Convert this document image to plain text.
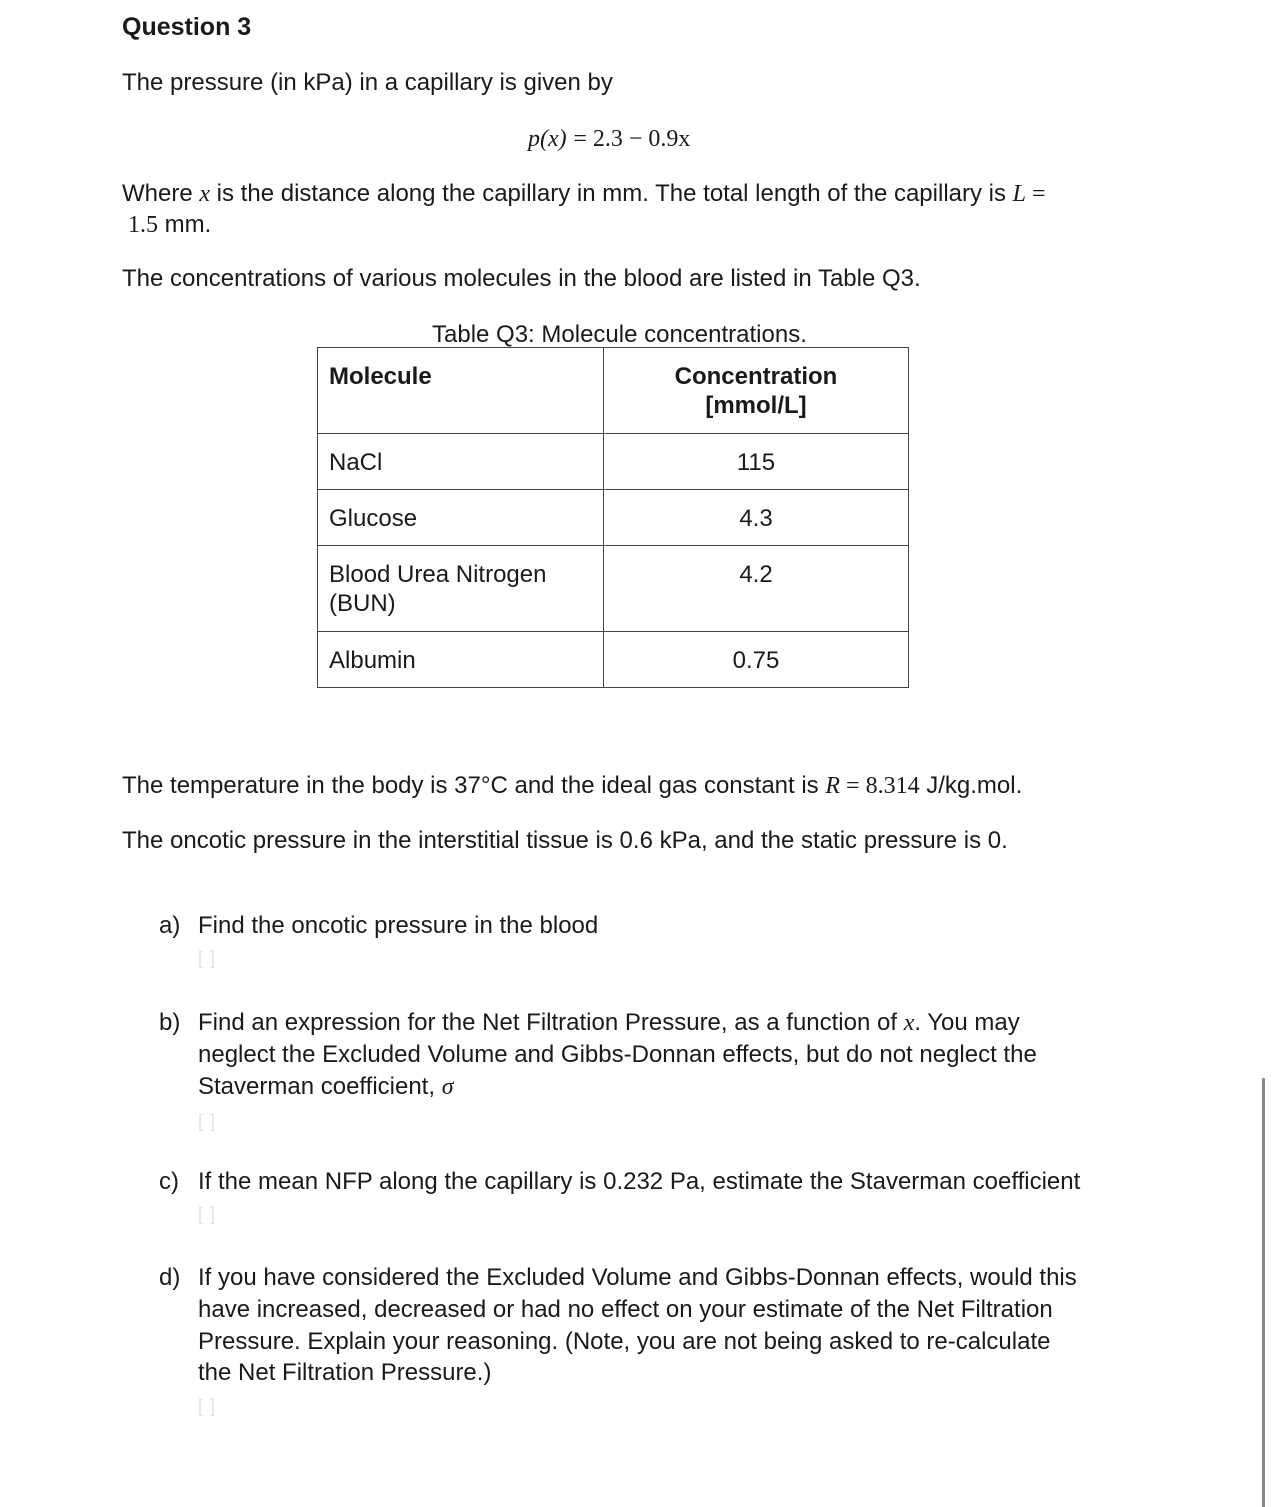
Question 3

The pressure (in kPa) in a capillary is given by

p(x) = 2.3 − 0.9x

Where x is the distance along the capillary in mm. The total length of the capillary is L =

1.5 mm.

The concentrations of various molecules in the blood are listed in Table Q3.

Table Q3: Molecule concentrations.

Molecule	Concentration
[mmol/L]
NaCl	115
Glucose	4.3
Blood Urea Nitrogen
(BUN)	4.2
Albumin	0.75

The temperature in the body is 37°C and the ideal gas constant is R = 8.314 J/kg.mol.

The oncotic pressure in the interstitial tissue is 0.6 kPa, and the static pressure is 0.

a) Find the oncotic pressure in the blood
[ ]
b) Find an expression for the Net Filtration Pressure, as a function of x. You may
neglect the Excluded Volume and Gibbs-Donnan effects, but do not neglect the
Staverman coefficient, σ
[ ]
c) If the mean NFP along the capillary is 0.232 Pa, estimate the Staverman coefficient
[ ]
d) If you have considered the Excluded Volume and Gibbs-Donnan effects, would this
have increased, decreased or had no effect on your estimate of the Net Filtration
Pressure. Explain your reasoning. (Note, you are not being asked to re-calculate
the Net Filtration Pressure.)
[ ]
